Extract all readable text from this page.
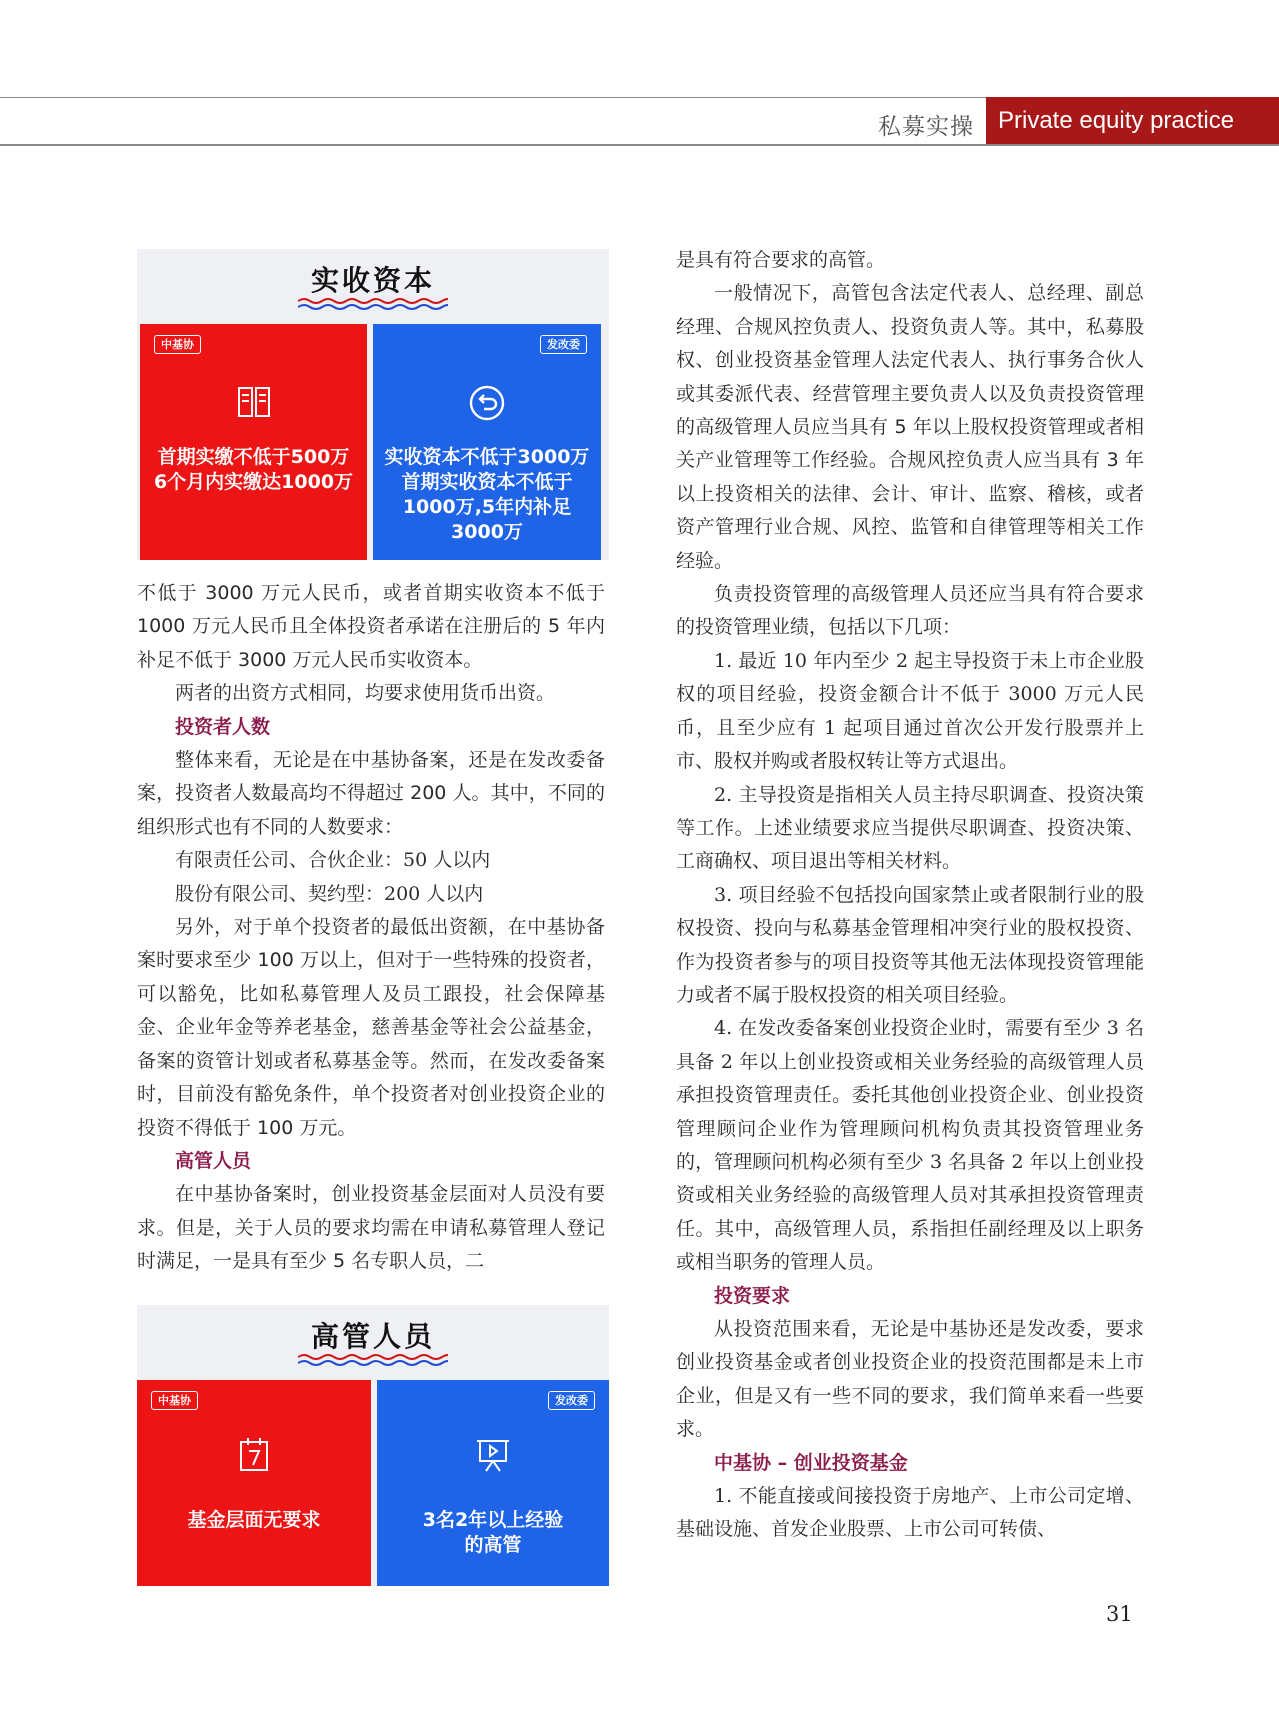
私募实操	Private equity practice
实收资本
中基协
首期实缴不低于500万
6个月内实缴达1000万
发改委
实收资本不低于3000万
首期实收资本不低于
1000万,5年内补足
3000万

不低于 3000 万元人民币，或者首期实收资本不低于 1000 万元人民币且全体投资者承诺在注册后的 5 年内补足不低于 3000 万元人民币实收资本。

两者的出资方式相同，均要求使用货币出资。

投资者人数

整体来看，无论是在中基协备案，还是在发改委备案，投资者人数最高均不得超过 200 人。其中，不同的组织形式也有不同的人数要求：

有限责任公司、合伙企业：50 人以内

股份有限公司、契约型：200 人以内

另外，对于单个投资者的最低出资额，在中基协备案时要求至少 100 万以上，但对于一些特殊的投资者，可以豁免，比如私募管理人及员工跟投，社会保障基金、企业年金等养老基金，慈善基金等社会公益基金，备案的资管计划或者私募基金等。然而，在发改委备案时，目前没有豁免条件，单个投资者对创业投资企业的投资不得低于 100 万元。

高管人员

在中基协备案时，创业投资基金层面对人员没有要求。但是，关于人员的要求均需在申请私募管理人登记时满足，一是具有至少 5 名专职人员，二

高管人员
中基协
基金层面无要求
发改委
3名2年以上经验
的高管

是具有符合要求的高管。

一般情况下，高管包含法定代表人、总经理、副总经理、合规风控负责人、投资负责人等。其中，私募股权、创业投资基金管理人法定代表人、执行事务合伙人或其委派代表、经营管理主要负责人以及负责投资管理的高级管理人员应当具有 5 年以上股权投资管理或者相关产业管理等工作经验。合规风控负责人应当具有 3 年以上投资相关的法律、会计、审计、监察、稽核，或者资产管理行业合规、风控、监管和自律管理等相关工作经验。

负责投资管理的高级管理人员还应当具有符合要求的投资管理业绩，包括以下几项：

1. 最近 10 年内至少 2 起主导投资于未上市企业股权的项目经验，投资金额合计不低于 3000 万元人民币，且至少应有 1 起项目通过首次公开发行股票并上市、股权并购或者股权转让等方式退出。

2. 主导投资是指相关人员主持尽职调查、投资决策等工作。上述业绩要求应当提供尽职调查、投资决策、工商确权、项目退出等相关材料。

3. 项目经验不包括投向国家禁止或者限制行业的股权投资、投向与私募基金管理相冲突行业的股权投资、作为投资者参与的项目投资等其他无法体现投资管理能力或者不属于股权投资的相关项目经验。

4. 在发改委备案创业投资企业时，需要有至少 3 名具备 2 年以上创业投资或相关业务经验的高级管理人员承担投资管理责任。委托其他创业投资企业、创业投资管理顾问企业作为管理顾问机构负责其投资管理业务的，管理顾问机构必须有至少 3 名具备 2 年以上创业投资或相关业务经验的高级管理人员对其承担投资管理责任。其中，高级管理人员，系指担任副经理及以上职务或相当职务的管理人员。

投资要求

从投资范围来看，无论是中基协还是发改委，要求创业投资基金或者创业投资企业的投资范围都是未上市企业，但是又有一些不同的要求，我们简单来看一些要求。

中基协 – 创业投资基金

1. 不能直接或间接投资于房地产、上市公司定增、基础设施、首发企业股票、上市公司可转债、

31
